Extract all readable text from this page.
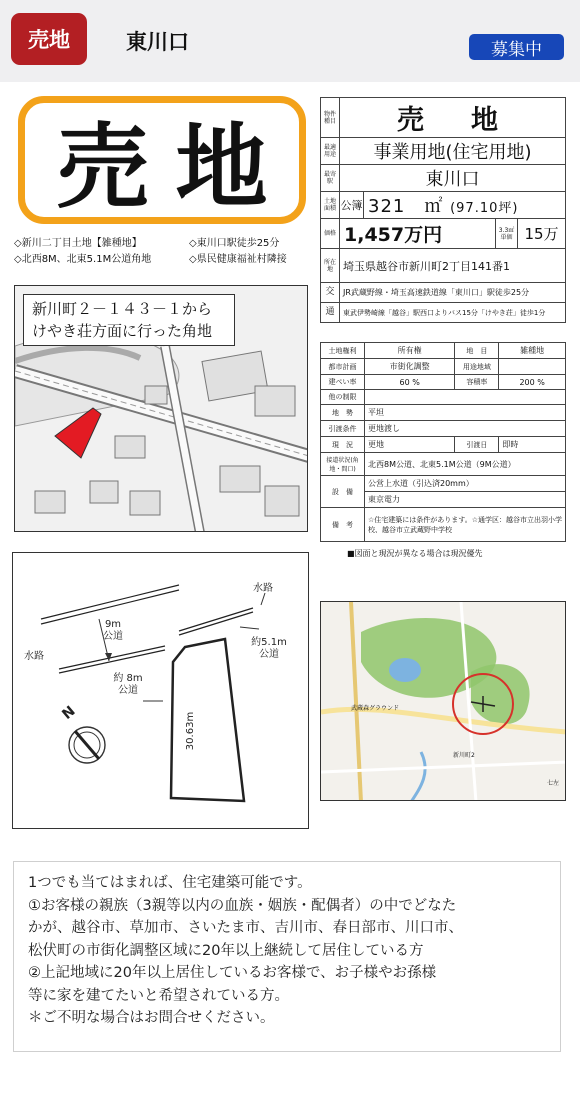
売地	東川口	募集中
売 地
◇新川二丁目土地【雑種地】	◇東川口駅徒歩25分
◇北西8M、北東5.1M公道角地	◇県民健康福祉村隣接
新川町２－１４３－１から
けやき荘方面に行った角地
水路
水路
9m
公道
約5.1m
公道
約 8m
公道
30.63m
N
物件種目	売　地			
最適用途	事業用地(住宅用地)			
最寄駅	東川口			
土地面積	公簿	321　㎡ (97.10坪)		
価格	1,457万円		3.3㎡単価	15万
所在地	埼玉県越谷市新川町2丁目141番1			
交	JR武蔵野線・埼玉高速鉄道線「東川口」駅徒歩25分			
通	東武伊勢崎線「越谷」駅西口よりバス15分「けやき荘」徒歩1分			
土地権利	所有権	地　目	雑種地
都市計画	市街化調整	用途地域	
建ぺい率	60 %	容積率	200 %
他の制限			
地　勢	平坦		
引渡条件	更地渡し		
現　況	更地	引渡日	即時
接道状況(角地・間口)	北西8M公道、北東5.1M公道（9M公道）		
設　備	公営上水道（引込済20mm）		
	東京電力		
備　考	☆住宅建築には条件があります。☆通学区：越谷市立出羽小学校、越谷市立武蔵野中学校		
■図面と現況が異なる場合は現況優先
武蔵森グラウンド
新川町2
七左
1つでも当てはまれば、住宅建築可能です。
①お客様の親族（3親等以内の血族・姻族・配偶者）の中でどなた
かが、越谷市、草加市、さいたま市、吉川市、春日部市、川口市、
松伏町の市街化調整区域に20年以上継続して居住している方
②上記地域に20年以上居住しているお客様で、お子様やお孫様
等に家を建てたいと希望されている方。
＊ご不明な場合はお問合せください。
